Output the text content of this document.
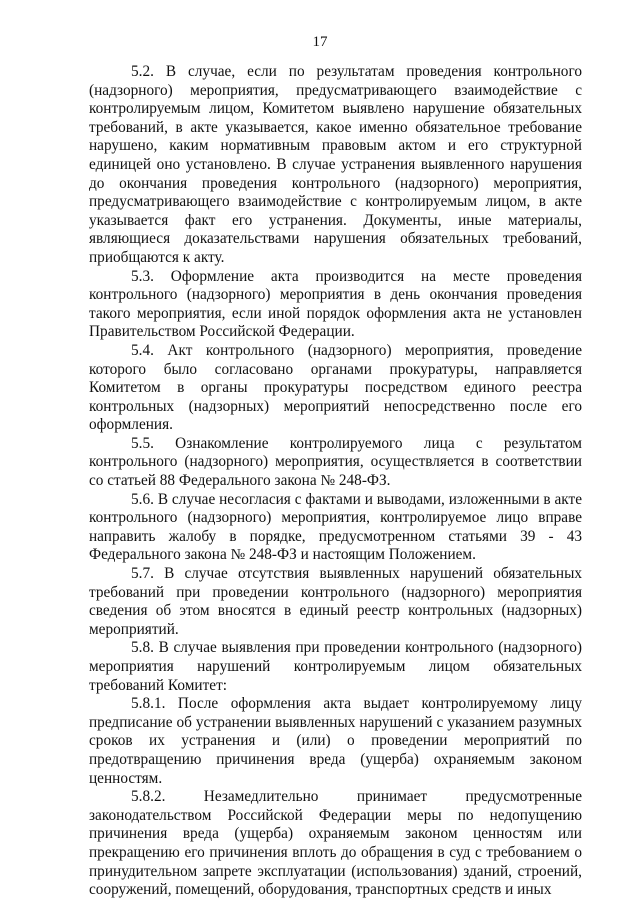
17

5.2. В случае, если по результатам проведения контрольного (надзорного) мероприятия, предусматривающего взаимодействие с контролируемым лицом, Комитетом выявлено нарушение обязательных требований, в акте указывается, какое именно обязательное требование нарушено, каким нормативным правовым актом и его структурной единицей оно установлено. В случае устранения выявленного нарушения до окончания проведения контрольного (надзорного) мероприятия, предусматривающего взаимодействие с контролируемым лицом, в акте указывается факт его устранения. Документы, иные материалы, являющиеся доказательствами нарушения обязательных требований, приобщаются к акту.

5.3. Оформление акта производится на месте проведения контрольного (надзорного) мероприятия в день окончания проведения такого мероприятия, если иной порядок оформления акта не установлен Правительством Российской Федерации.

5.4. Акт контрольного (надзорного) мероприятия, проведение которого было согласовано органами прокуратуры, направляется Комитетом в органы прокуратуры посредством единого реестра контрольных (надзорных) мероприятий непосредственно после его оформления.

5.5. Ознакомление контролируемого лица с результатом контрольного (надзорного) мероприятия, осуществляется в соответствии со статьей 88 Федерального закона № 248-ФЗ.

5.6. В случае несогласия с фактами и выводами, изложенными в акте контрольного (надзорного) мероприятия, контролируемое лицо вправе направить жалобу в порядке, предусмотренном статьями 39 - 43 Федерального закона № 248-ФЗ и настоящим Положением.

5.7. В случае отсутствия выявленных нарушений обязательных требований при проведении контрольного (надзорного) мероприятия сведения об этом вносятся в единый реестр контрольных (надзорных) мероприятий.

5.8. В случае выявления при проведении контрольного (надзорного) мероприятия нарушений контролируемым лицом обязательных требований Комитет:

5.8.1. После оформления акта выдает контролируемому лицу предписание об устранении выявленных нарушений с указанием разумных сроков их устранения и (или) о проведении мероприятий по предотвращению причинения вреда (ущерба) охраняемым законом ценностям.

5.8.2. Незамедлительно принимает предусмотренные законодательством Российской Федерации меры по недопущению причинения вреда (ущерба) охраняемым законом ценностям или прекращению его причинения вплоть до обращения в суд с требованием о принудительном запрете эксплуатации (использования) зданий, строений, сооружений, помещений, оборудования, транспортных средств и иных
